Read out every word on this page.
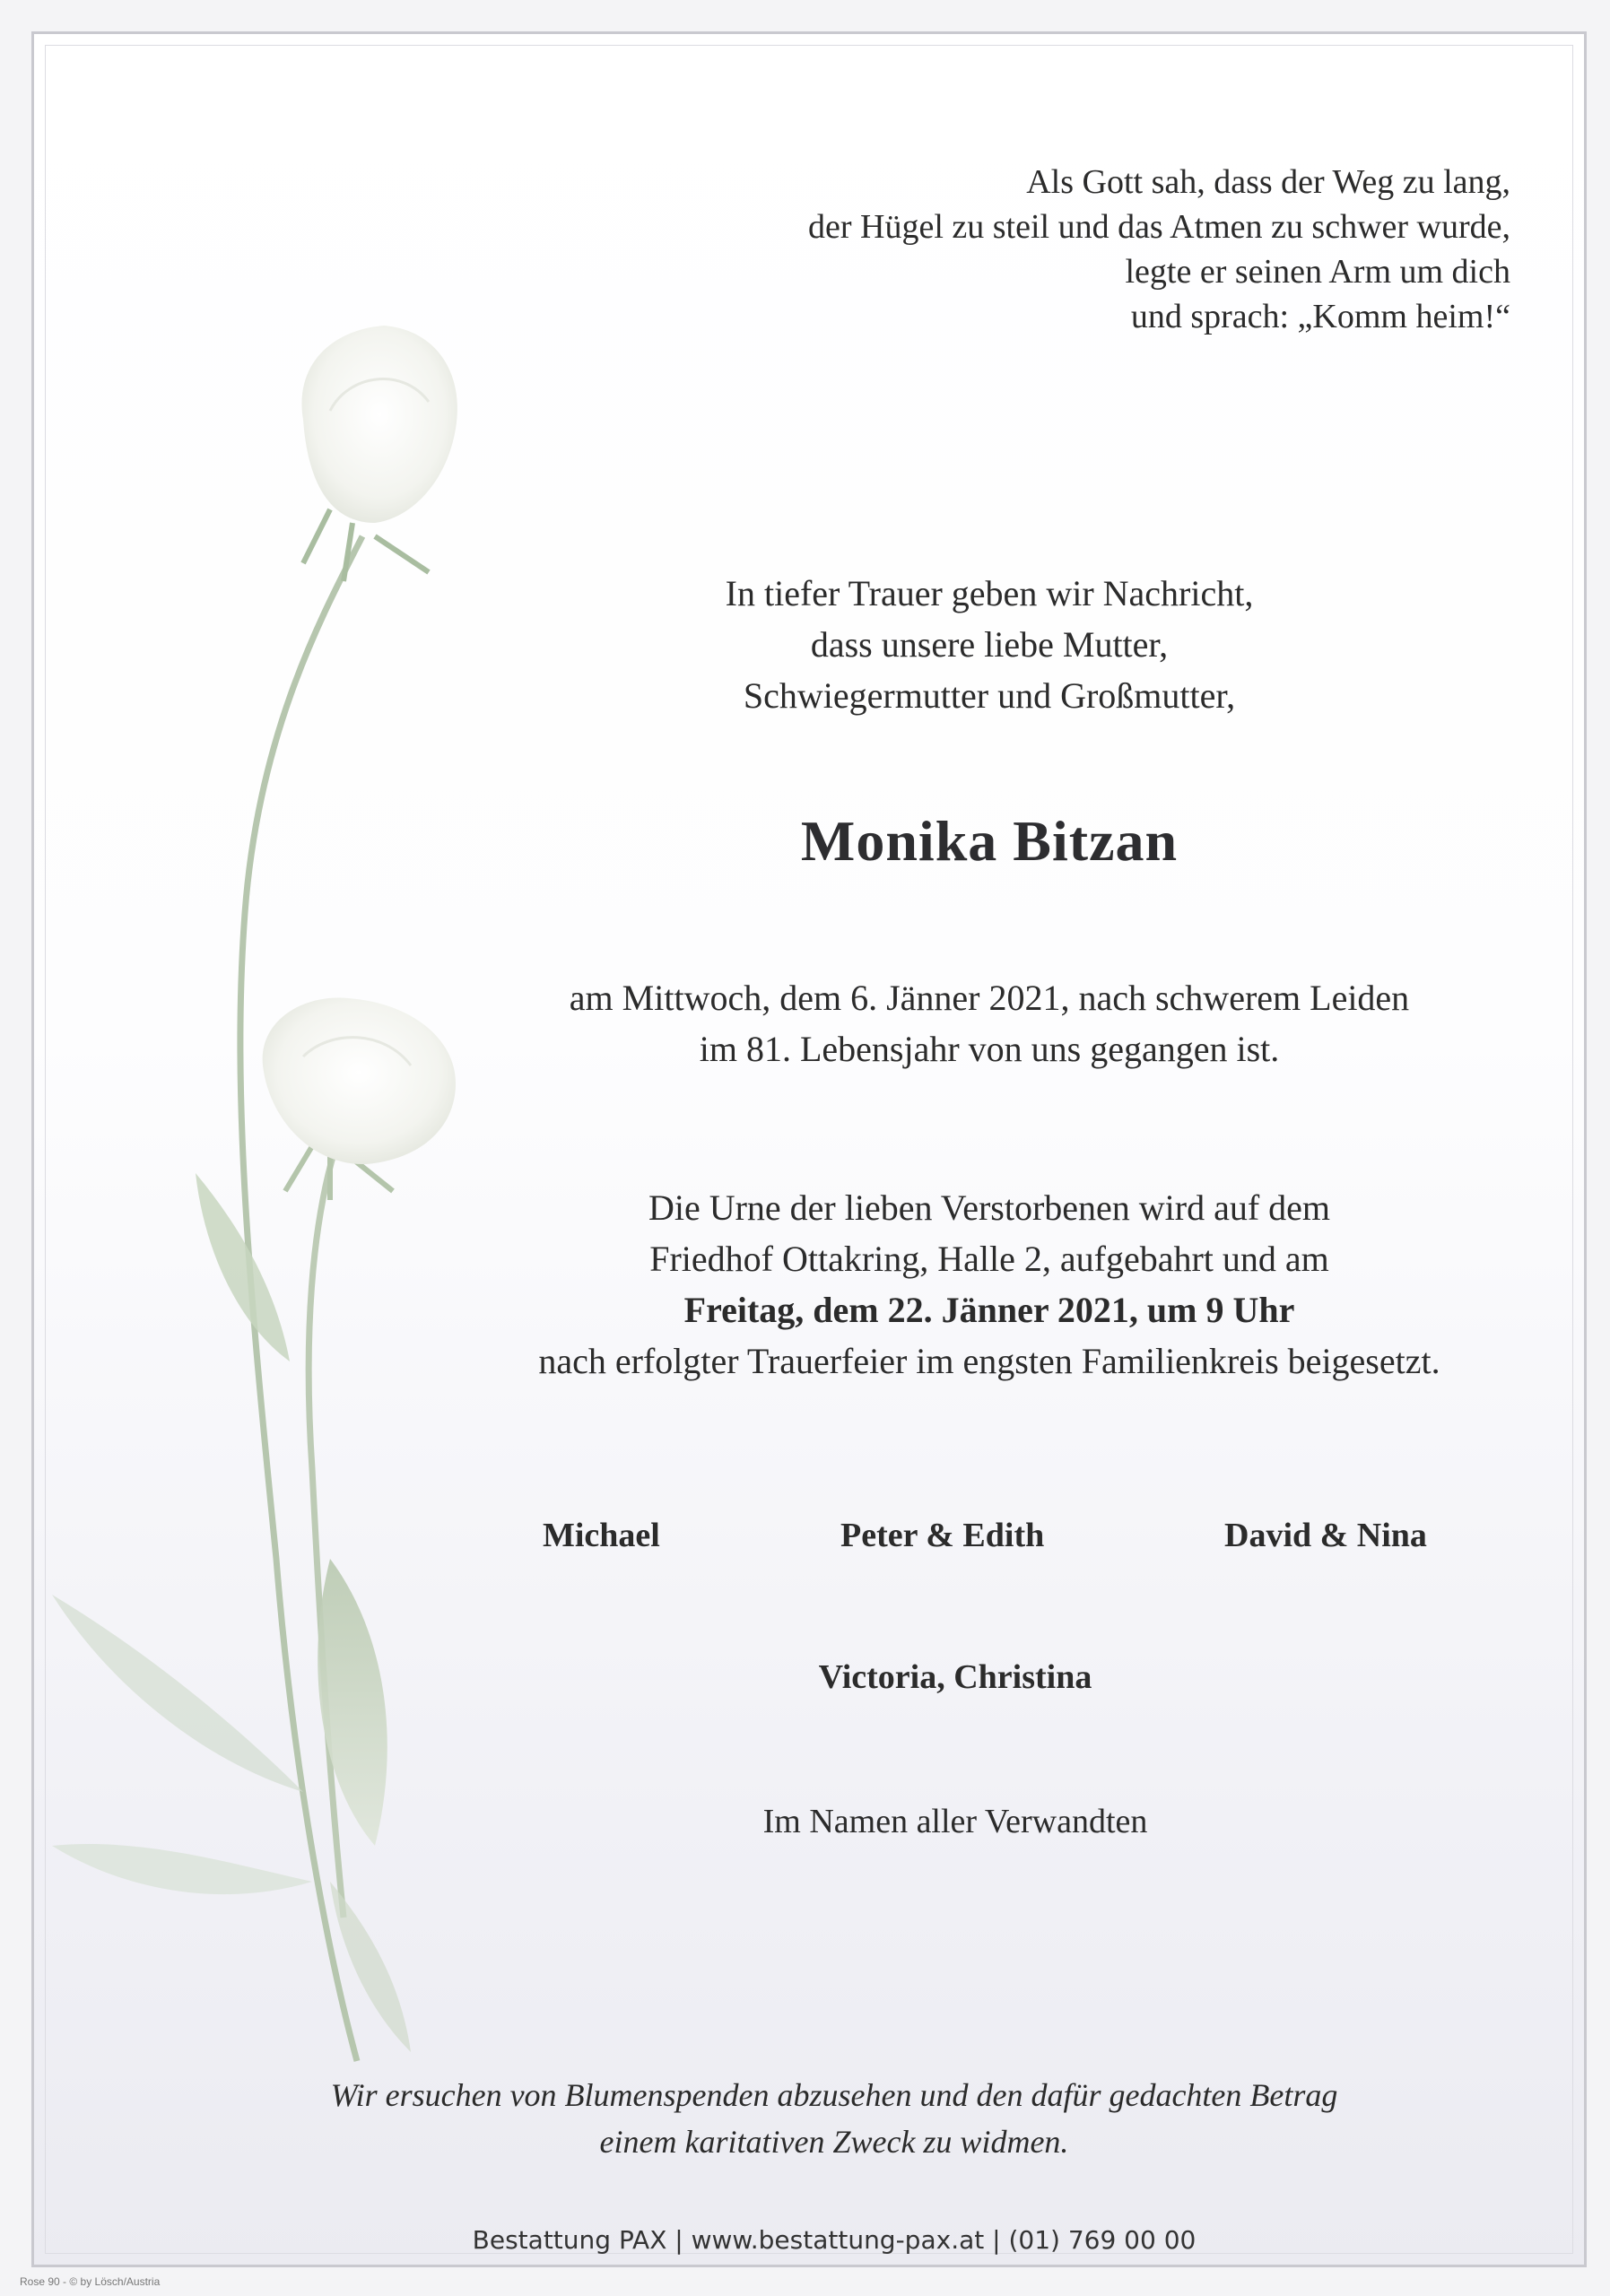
Als Gott sah, dass der Weg zu lang,
der Hügel zu steil und das Atmen zu schwer wurde,
legte er seinen Arm um dich
und sprach: „Komm heim!“
In tiefer Trauer geben wir Nachricht,
dass unsere liebe Mutter,
Schwiegermutter und Großmutter,
Monika Bitzan
am Mittwoch, dem 6. Jänner 2021, nach schwerem Leiden
im 81. Lebensjahr von uns gegangen ist.
Die Urne der lieben Verstorbenen wird auf dem
Friedhof Ottakring, Halle 2, aufgebahrt und am
Freitag, dem 22. Jänner 2021, um 9 Uhr
nach erfolgter Trauerfeier im engsten Familienkreis beigesetzt.
Michael	Peter & Edith	David & Nina
Victoria, Christina
Im Namen aller Verwandten
Wir ersuchen von Blumenspenden abzusehen und den dafür gedachten Betrag
einem karitativen Zweck zu widmen.
Bestattung PAX | www.bestattung-pax.at | (01) 769 00 00
Rose 90 - © by Lösch/Austria
